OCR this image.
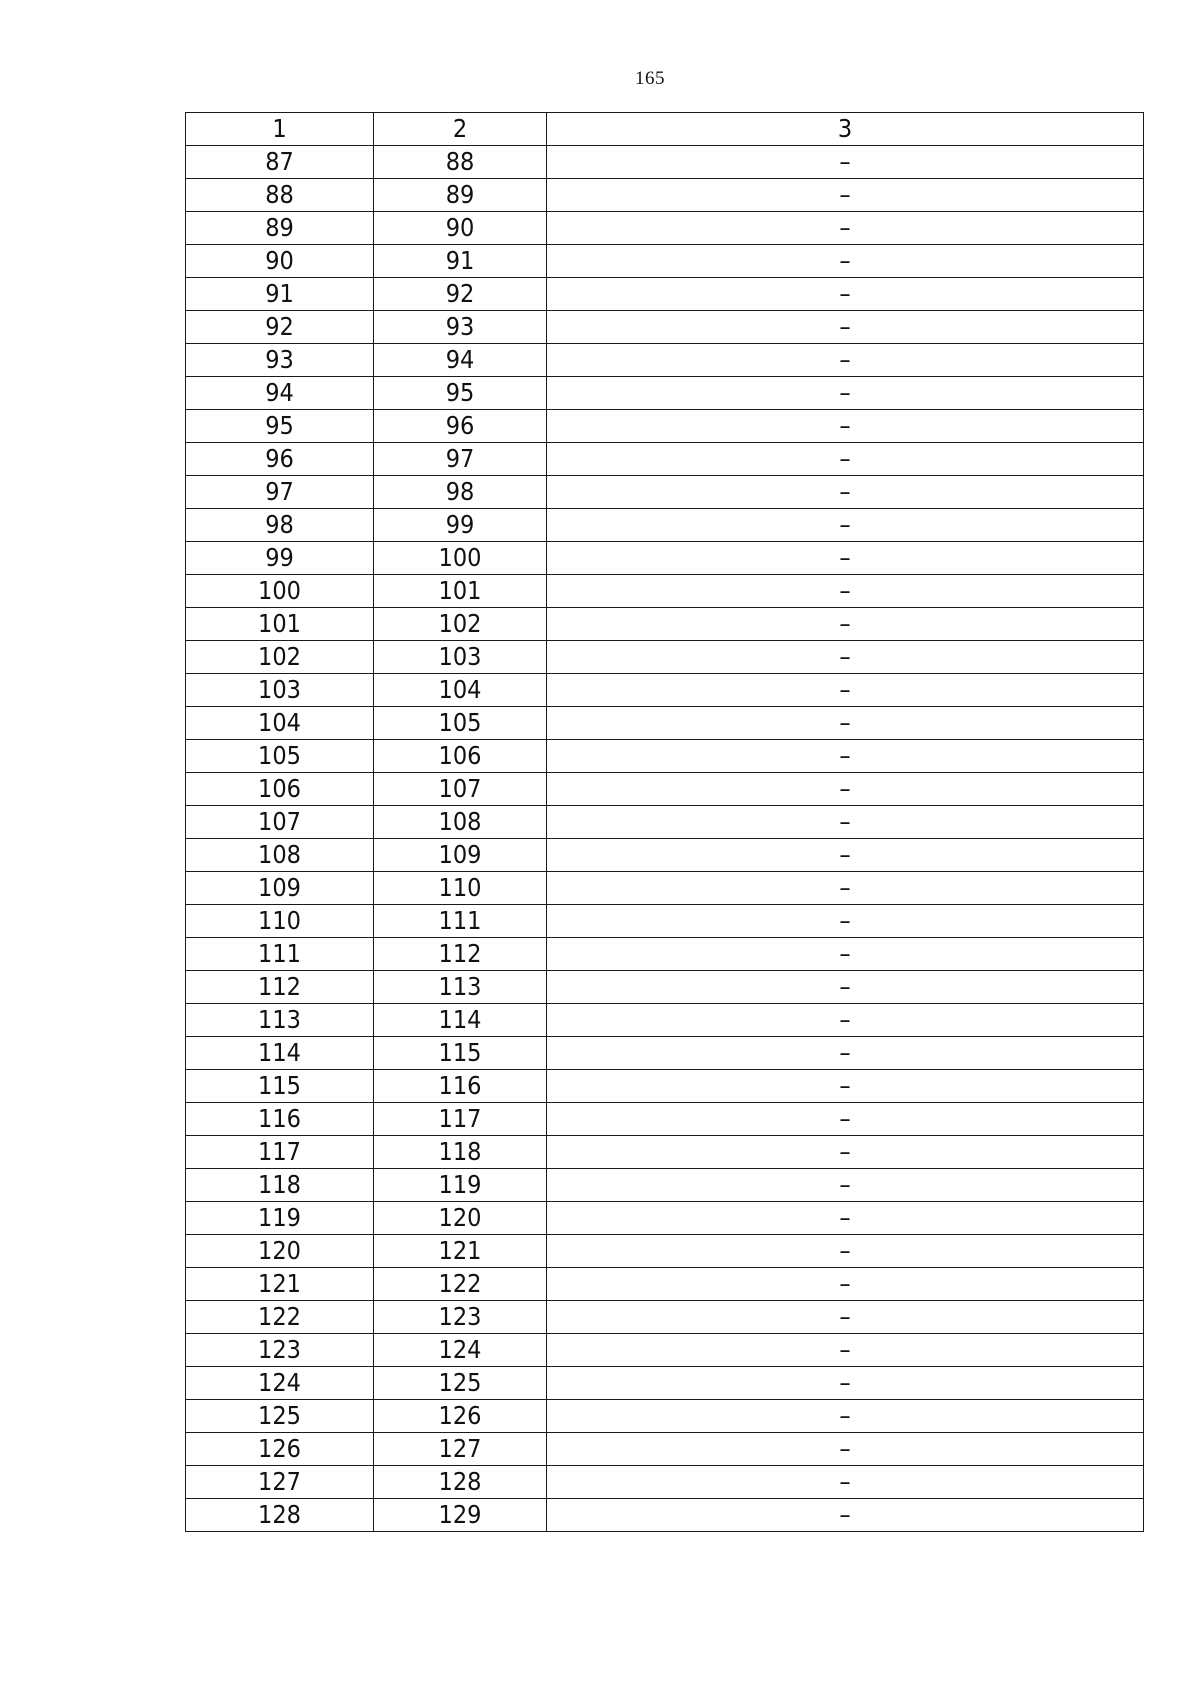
165
1	2	3
87	88	–
88	89	–
89	90	–
90	91	–
91	92	–
92	93	–
93	94	–
94	95	–
95	96	–
96	97	–
97	98	–
98	99	–
99	100	–
100	101	–
101	102	–
102	103	–
103	104	–
104	105	–
105	106	–
106	107	–
107	108	–
108	109	–
109	110	–
110	111	–
111	112	–
112	113	–
113	114	–
114	115	–
115	116	–
116	117	–
117	118	–
118	119	–
119	120	–
120	121	–
121	122	–
122	123	–
123	124	–
124	125	–
125	126	–
126	127	–
127	128	–
128	129	–
